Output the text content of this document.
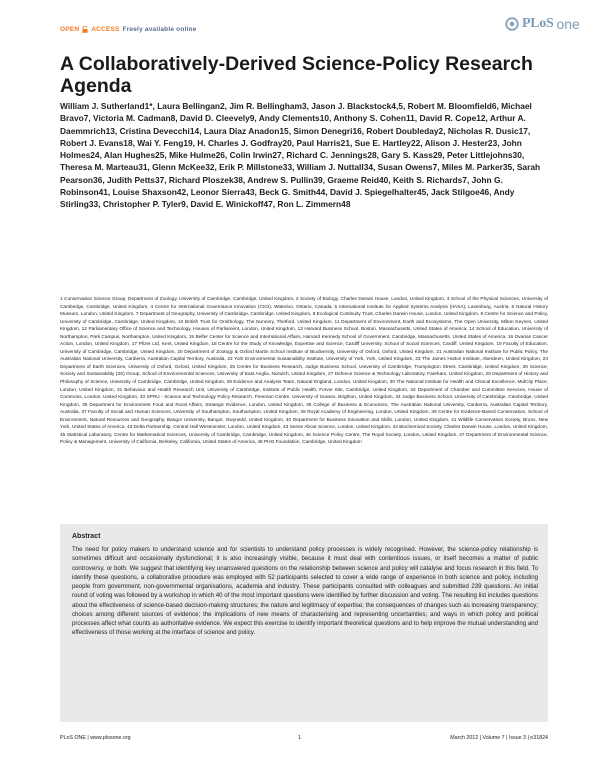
OPEN ACCESS Freely available online	PLoS one
A Collaboratively-Derived Science-Policy Research Agenda

William J. Sutherland1*, Laura Bellingan2, Jim R. Bellingham3, Jason J. Blackstock4,5, Robert M. Bloomfield6, Michael Bravo7, Victoria M. Cadman8, David D. Cleevely9, Andy Clements10, Anthony S. Cohen11, David R. Cope12, Arthur A. Daemmrich13, Cristina Devecchi14, Laura Diaz Anadon15, Simon Denegri16, Robert Doubleday2, Nicholas R. Dusic17, Robert J. Evans18, Wai Y. Feng19, H. Charles J. Godfray20, Paul Harris21, Sue E. Hartley22, Alison J. Hester23, John Holmes24, Alan Hughes25, Mike Hulme26, Colin Irwin27, Richard C. Jennings28, Gary S. Kass29, Peter Littlejohns30, Theresa M. Marteau31, Glenn McKee32, Erik P. Millstone33, William J. Nuttall34, Susan Owens7, Miles M. Parker35, Sarah Pearson36, Judith Petts37, Richard Ploszek38, Andrew S. Pullin39, Graeme Reid40, Keith S. Richards7, John G. Robinson41, Louise Shaxson42, Leonor Sierra43, Beck G. Smith44, David J. Spiegelhalter45, Jack Stilgoe46, Andy Stirling33, Christopher P. Tyler9, David E. Winickoff47, Ron L. Zimmern48

1 Conservation Science Group, Department of Zoology, University of Cambridge, Cambridge, United Kingdom, 2 Society of Biology, Charles Darwin House, London, United Kingdom, 3 School of the Physical Sciences, University of Cambridge, Cambridge, United Kingdom, 4 Centre for International Governance Innovation (CIGI), Waterloo, Ontario, Canada, 5 International Institute for Applied Systems Analysis (IIASA), Laxenburg, Austria, 6 Natural History Museum, London, United Kingdom, 7 Department of Geography, University of Cambridge, Cambridge, United Kingdom, 8 Ecological Continuity Trust, Charles Darwin House, London, United Kingdom, 9 Centre for Science and Policy, University of Cambridge, Cambridge, United Kingdom, 10 British Trust for Ornithology, The Nunnery, Thetford, United Kingdom, 11 Department of Environment, Earth and Ecosystems, The Open University, Milton Keynes, United Kingdom, 12 Parliamentary Office of Science and Technology, Houses of Parliament, London, United Kingdom, 13 Harvard Business School, Boston, Massachusetts, United States of America, 14 School of Education, University of Northampton, Park Campus, Northampton, United Kingdom, 15 Belfer Center for Science and International Affairs, Harvard Kennedy School of Government, Cambridge, Massachusetts, United States of America, 16 Ovarian Cancer Action, London, United Kingdom, 17 Pfizer Ltd, Kent, United Kingdom, 18 Centre for the Study of Knowledge, Expertise and Science, Cardiff University, School of Social Sciences, Cardiff, United Kingdom, 19 Faculty of Education, University of Cambridge, Cambridge, United Kingdom, 20 Department of Zoology & Oxford Martin School Institute of Biodiversity, University of Oxford, Oxford, United Kingdom, 21 Australian National Institute for Public Policy, The Australian National University, Canberra, Australian Capital Territory, Australia, 22 York Environmental Sustainability Institute, University of York, York, United Kingdom, 23 The James Hutton Institute, Aberdeen, United Kingdom, 24 Department of Earth Sciences, University of Oxford, Oxford, United Kingdom, 25 Centre for Business Research, Judge Business School, University of Cambridge, Trumpington Street, Cambridge, United Kingdom, 26 Science, Society and Sustainability (3S) Group, School of Environmental Sciences, University of East Anglia, Norwich, United Kingdom, 27 Defence Science & Technology Laboratory, Fareham, United Kingdom, 28 Department of History and Philosophy of Science, University of Cambridge, Cambridge, United Kingdom, 29 Evidence and Analysis Team, Natural England, London, United Kingdom, 30 The National Institute for Health and Clinical Excellence, MidCity Place, London, United Kingdom, 31 Behaviour and Health Research Unit, University of Cambridge, Institute of Public Health, Forvie Site, Cambridge, United Kingdom, 32 Department of Chamber and Committee Services, House of Commons, London, United Kingdom, 33 SPRU - Science and Technology Policy Research, Freeman Centre, University of Sussex, Brighton, United Kingdom, 34 Judge Business School, University of Cambridge, Cambridge, United Kingdom, 35 Department for Environment Food and Rural Affairs, Strategic Evidence, London, United Kingdom, 36 College of Business & Economics, The Australian National University, Canberra, Australian Capital Territory, Australia, 37 Faculty of Social and Human Sciences, University of Southampton, Southampton, United Kingdom, 38 Royal Academy of Engineering, London, United Kingdom, 39 Centre for Evidence-Based Conservation, School of Environment, Natural Resources and Geography, Bangor University, Bangor, Gwynedd, United Kingdom, 40 Department for Business Innovation and Skills, London, United Kingdom, 41 Wildlife Conservation Society, Bronx, New York, United States of America, 42 Delta Partnership, Central Hall Westminster, London, United Kingdom, 43 Sense About Science, London, United Kingdom, 44 Biochemical Society, Charles Darwin House, London, United Kingdom, 45 Statistical Laboratory, Centre for Mathematical Sciences, University of Cambridge, Cambridge, United Kingdom, 46 Science Policy Centre, The Royal Society, London, United Kingdom, 47 Department of Environmental Science, Policy & Management, University of California, Berkeley, California, United States of America, 48 PHG Foundation, Cambridge, United Kingdom

Abstract

The need for policy makers to understand science and for scientists to understand policy processes is widely recognised. However, the science-policy relationship is sometimes difficult and occasionally dysfunctional; it is also increasingly visible, because it must deal with contentious issues, or itself becomes a matter of public controversy, or both. We suggest that identifying key unanswered questions on the relationship between science and policy will catalyse and focus research in this field. To identify these questions, a collaborative procedure was employed with 52 participants selected to cover a wide range of experience in both science and policy, including people from government, non-governmental organisations, academia and industry. These participants consulted with colleagues and submitted 239 questions. An initial round of voting was followed by a workshop in which 40 of the most important questions were identified by further discussion and voting. The resulting list includes questions about the effectiveness of science-based decision-making structures; the nature and legitimacy of expertise; the consequences of changes such as increasing transparency; choices among different sources of evidence; the implications of new means of characterising and representing uncertainties; and ways in which policy and political processes affect what counts as authoritative evidence. We expect this exercise to identify important theoretical questions and to help improve the mutual understanding and effectiveness of those working at the interface of science and policy.

PLoS ONE | www.plosone.org	1	March 2012 | Volume 7 | Issue 3 | e31824
